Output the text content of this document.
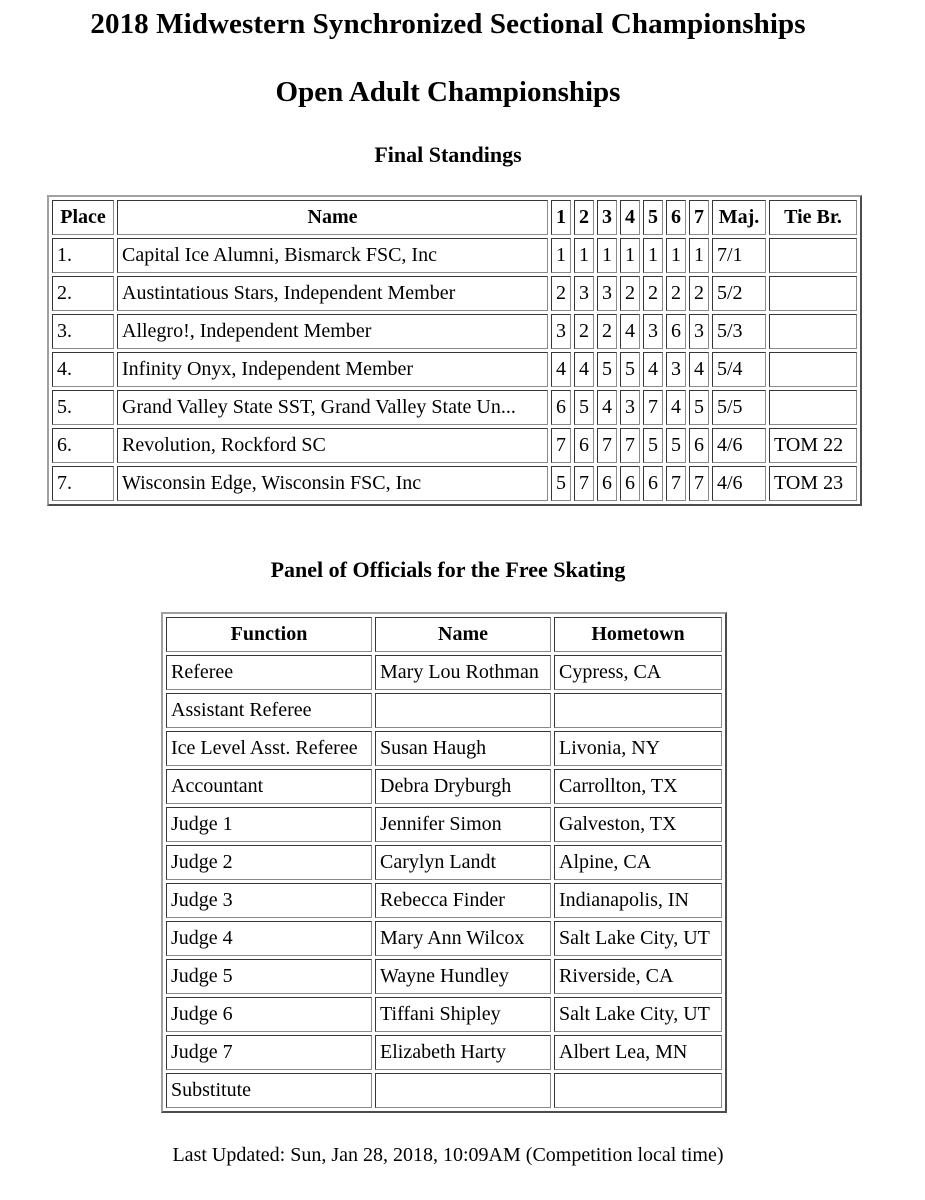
2018 Midwestern Synchronized Sectional Championships
Open Adult Championships
Final Standings
Place	Name	1	2	3	4	5	6	7	Maj.	Tie Br.
1.	Capital Ice Alumni, Bismarck FSC, Inc	1	1	1	1	1	1	1	7/1	
2.	Austintatious Stars, Independent Member	2	3	3	2	2	2	2	5/2	
3.	Allegro!, Independent Member	3	2	2	4	3	6	3	5/3	
4.	Infinity Onyx, Independent Member	4	4	5	5	4	3	4	5/4	
5.	Grand Valley State SST, Grand Valley State Un...	6	5	4	3	7	4	5	5/5	
6.	Revolution, Rockford SC	7	6	7	7	5	5	6	4/6	TOM 22
7.	Wisconsin Edge, Wisconsin FSC, Inc	5	7	6	6	6	7	7	4/6	TOM 23
Panel of Officials for the Free Skating
Function	Name	Hometown
Referee	Mary Lou Rothman	Cypress, CA
Assistant Referee		
Ice Level Asst. Referee	Susan Haugh	Livonia, NY
Accountant	Debra Dryburgh	Carrollton, TX
Judge 1	Jennifer Simon	Galveston, TX
Judge 2	Carylyn Landt	Alpine, CA
Judge 3	Rebecca Finder	Indianapolis, IN
Judge 4	Mary Ann Wilcox	Salt Lake City, UT
Judge 5	Wayne Hundley	Riverside, CA
Judge 6	Tiffani Shipley	Salt Lake City, UT
Judge 7	Elizabeth Harty	Albert Lea, MN
Substitute		
Last Updated: Sun, Jan 28, 2018, 10:09AM (Competition local time)
